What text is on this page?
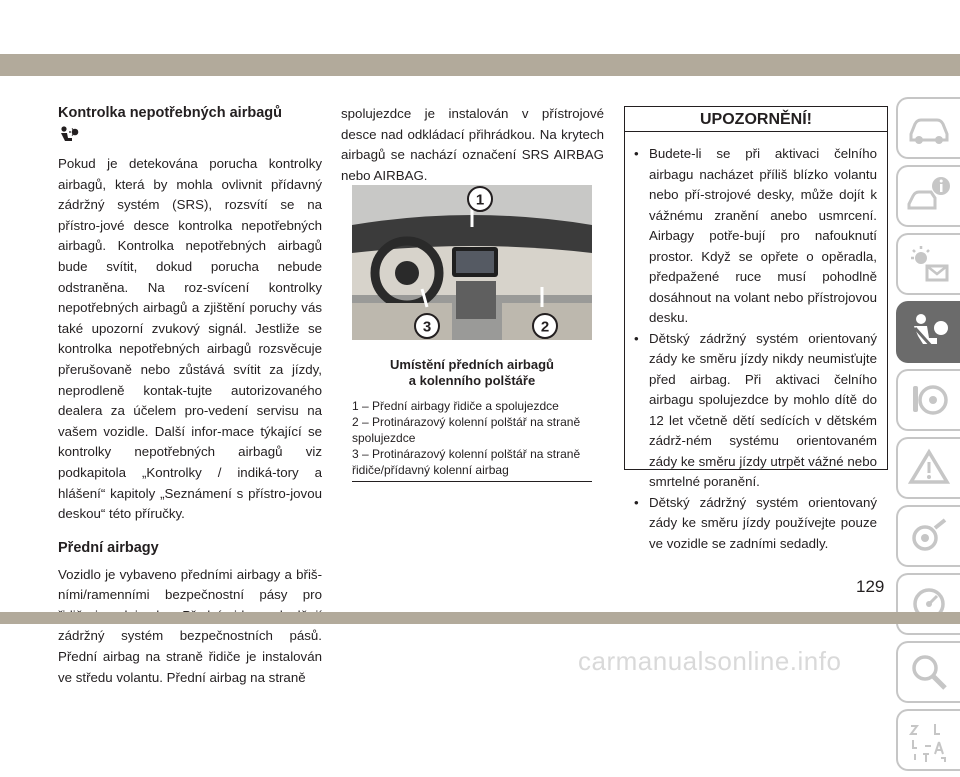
Kontrolka nepotřebných airbagů

Pokud je detekována porucha kontrolky airbagů, která by mohla ovlivnit přídavný zádržný systém (SRS), rozsvítí se na přístro-jové desce kontrolka nepotřebných airbagů. Kontrolka nepotřebných airbagů bude svítit, dokud porucha nebude odstraněna. Na roz-svícení kontrolky nepotřebných airbagů a zjištění poruchy vás také upozorní zvukový signál. Jestliže se kontrolka nepotřebných airbagů rozsvěcuje přerušovaně nebo zůstává svítit za jízdy, neprodleně kontak-tujte autorizovaného dealera za účelem pro-vedení servisu na vašem vozidle. Další infor-mace týkající se kontrolky nepotřebných airbagů viz podkapitola „Kontrolky / indiká-tory a hlášení“ kapitoly „Seznámení s přístro-jovou deskou“ této příručky.

Přední airbagy

Vozidlo je vybaveno předními airbagy a břiš-ními/ramenními bezpečnostní pásy pro zádržný systém bezpečnostních pásů. Přední airbag na straně řidiče je instalován ve středu volantu. Přední airbag na straně

spolujezdce je instalován v přístrojové desce nad odkládací přihrádkou. Na krytech airbagů se nachází označení SRS AIRBAG nebo AIRBAG.

1
2
3
Umístění předních airbagů
a kolenního polštáře
1 – Přední airbagy řidiče a spolujezdce
2 – Protinárazový kolenní polštář na straně spolujezdce
3 – Protinárazový kolenní polštář na straně řidiče/přídavný kolenní airbag
UPOZORNĚNÍ!
• Budete-li se při aktivaci čelního airbagu nacházet příliš blízko volantu nebo pří-strojové desky, může dojít k vážnému zranění anebo usmrcení. Airbagy potře-bují pro nafouknutí prostor. Když se opřete o opěradla, předpažené ruce musí pohodlně dosáhnout na volant nebo přístrojovou desku.
• Dětský zádržný systém orientovaný zády ke směru jízdy nikdy neumisťujte před airbag. Při aktivaci čelního airbagu spolujezdce by mohlo dítě do 12 let včetně dětí sedících v dětském zádrž-ném systému orientovaném zády ke směru jízdy utrpět vážné nebo smrtelné poranění.
• Dětský zádržný systém orientovaný zády ke směru jízdy používejte pouze ve vozidle se zadními sedadly.
129
carmanualsonline.info
